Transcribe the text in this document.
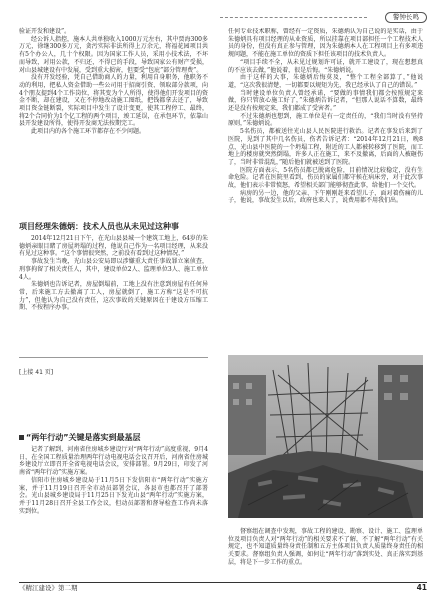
警钟长鸣

验证开发和建设”。

经公诉人指控，施本人共单独收入1000万元左右，其中贾海300多万元，徐继300多万元，贪污实际非法所得上万余元，将福花园项目共有5个办公人，几十个权限。因为国家工作人员，采用小技术法，不坏而导致，对用公款，不归还，不得已的手段，导致国家公有财产受损，对山县城建设有中发展，受到重大损害，但要受“包庇”部分管理费”。

没有开发经验，凭自己借助商人的力量，利用自身职务，他职务不动的利用，把私人资金借助一些公司用于招商引资、领取部分款项，向4个朋友提到4个工作岗位，将其变为个人所得，使得他们开发项目的资金不断，却在建设，又在不停地改动施工图纸，把钱都拿去还了，导致项目资金链断裂，实际项目中发生了设计变更，使其工程停工、最终，将2个合同价为1个亿工程的两个项目，竣工延误，在承包环节，依靠山县开发建设所得，使得开发商无法按期完工。

此项目内的各个施工环节都存在不少问题。

项目经理朱德炳：技术人员也从未见过这种事

2014年12月21日下午，在光山县县城一个建筑工地上，64岁的朱德炳亲眼目睹了房屋坍塌的过程，他说自己作为一名项目经理，从来没有见过这种事。“这个事情很突然，之前没有看到过这种情况，”

事故发生当晚，光山县公安局即以涉嫌重大责任事故罪立案侦查，刑事拘留了相关责任人，其中，建设单位2人、监理单位3人、施工单位4人。

朱德炳也告诉记者，房屋倒塌前，工地上没有注意到房屋有任何异常，后来施工方去撤离了工人，房屋就倒了，施工方称“这是不可抗力”，但他认为自己没有责任，这次事故的关键原因在于建设方压缩工期、不按程序办事。

[上接 41 页]

“两年行动”关键是落实到最基层

记者了解到，河南省住房城乡建设厅对“两年行动”高度重视，9月4日，在全国工程质量治理两年行动电视电话会议召开后，河南省住房城乡建设厅立即召开全省电视电话会议，安排部署。9月29日，印发了河南省“两年行动”实施方案。

信阳市住房城乡建设局于11月5日下发信阳市“两年行动”实施方案，并于11月19日召开全市动员部署会议，各县市也都召开了部署会。光山县城乡建设局于11月25日下发光山县“两年行动”实施方案，并于11月28日召开全县工作会议，但动员部署和督导检查工作尚未落实到位。

任何专业技术职称，曾经有一定资质，朱德炳认为自己说的是实话，由于朱德炳具有项目经理的从业资质，所以挂靠在项目部担任一个工程技术人员的身份，但没有真正参与管理，因为朱德炳本人在工程项目上有多项违规问题，不能在施工单位的资质下担任该项目的技术负责人。

“项目手续不全，从未见过规划许可证，就开工建设了，现在想想真的不应该去做，”他说着，很是后悔。“朱德炳说。

由于这样的大事，朱德炳后悔莫及，“整个工程全部算了，”他说道，“这次我很清楚，一切都要以规矩为先，我已经承认了自己的错误。”

当时建设单位负责人曾经承诺，“要做的事情我们都会按照规定来做，你只管放心施工好了，”朱德炳告诉记者，“但那人说话不算数，最终还是没有按规定来，我们都成了受害者。”

不过朱德炳也想到，施工单位是有一定责任的，“我们当时没有坚持原则，”朱德炳说。

5名伤员，都被送往光山县人民医院进行救治。记者在事发后来到了医院，见到了其中几名伤员，伤者告诉记者：“2014年12月21日，晚8点，光山县中医院的一个坍塌工程，附近的工人都被转移到了医院，而工地上的楼房就突然倒塌，许多人正在施工，来不及撤离，后面的人被砸伤了，当时非常混乱，”随后他们就被送到了医院。

医院方面表示，5名伤员都已脱离危险，目前情况比较稳定，没有生命危险。记者在医院里看到，伤员的家属们都守候在病床旁，对于此次事故，他们表示非常愤怒，希望相关部门能够彻查此事，给他们一个交代。

病房的另一边，他的父亲、下午刚刚赶来看望儿子，面对着伤痛的儿子，他说，事故发生以后，政府也来人了，说费用都不用我们出。

督察组在调查中发现，事故工程的建设、勘察、设计、施工、监理单位及项目负责人对“两年行动”的相关要求不了解，不了解“两年行动”有关规定，也不知道质量终身责任制和五方主体项目负责人质量终身责任的相关要求。督察组负责人强调，如何让“两年行动”落到实处、真正落实到基层，将是下一步工作的重点。

《精江建设》第二期	41
